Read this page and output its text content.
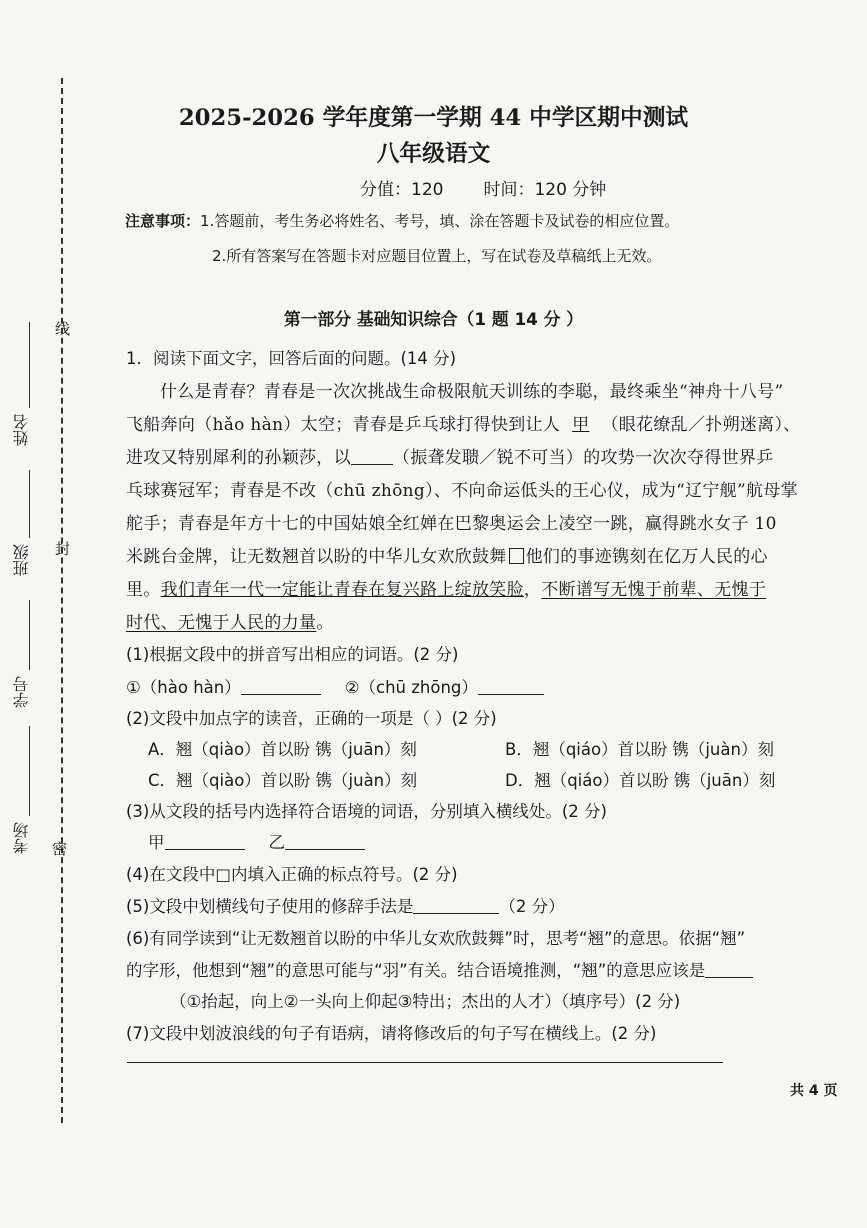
线
封
密
姓名
班级
学号
考场
2025-2026 学年度第一学期 44 中学区期中测试
八年级语文
分值：120 时间：120 分钟
注意事项：1.答题前，考生务必将姓名、考号，填、涂在答题卡及试卷的相应位置。
2.所有答案写在答题卡对应题目位置上，写在试卷及草稿纸上无效。
第一部分 基础知识综合（1 题 14 分 ）
1．阅读下面文字，回答后面的问题。(14 分)
什么是青春？青春是一次次挑战生命极限航天训练的李聪，最终乘坐“神舟十八号”
飞船奔向（hǎo hàn）太空；青春是乒乓球打得快到让人 甲 （眼花缭乱／扑朔迷离）、
进攻又特别犀利的孙颖莎，以 （振聋发聩／锐不可当）的攻势一次次夺得世界乒
乓球赛冠军；青春是不改（chū zhōng）、不向命运低头的王心仪，成为“辽宁舰”航母掌
舵手；青春是年方十七的中国姑娘全红婵在巴黎奥运会上凌空一跳，赢得跳水女子 10
米跳台金牌，让无数翘首以盼的中华儿女欢欣鼓舞 他们的事迹镌刻在亿万人民的心
里。我们青年一代一定能让青春在复兴路上绽放笑脸，不断谱写无愧于前辈、无愧于
时代、无愧于人民的力量。
(1)根据文段中的拼音写出相应的词语。(2 分)
①（hào hàn）	②（chū zhōng）
(2)文段中加点字的读音，正确的一项是（ ）(2 分)
A．翘（qiào）首以盼 镌（juān）刻	B．翘（qiáo）首以盼 镌（juàn）刻
C．翘（qiào）首以盼 镌（juàn）刻	D．翘（qiáo）首以盼 镌（juān）刻
(3)从文段的括号内选择符合语境的词语，分别填入横线处。(2 分)
甲	乙
(4)在文段中□内填入正确的标点符号。(2 分)
(5)文段中划横线句子使用的修辞手法是	（2 分）
(6)有同学读到“让无数翘首以盼的中华儿女欢欣鼓舞”时，思考“翘”的意思。依据“翘”
的字形，他想到“翘”的意思可能与“羽”有关。结合语境推测，“翘”的意思应该是
（①抬起，向上②一头向上仰起③特出；杰出的人才）（填序号）(2 分)
(7)文段中划波浪线的句子有语病，请将修改后的句子写在横线上。(2 分)
共 4 页
